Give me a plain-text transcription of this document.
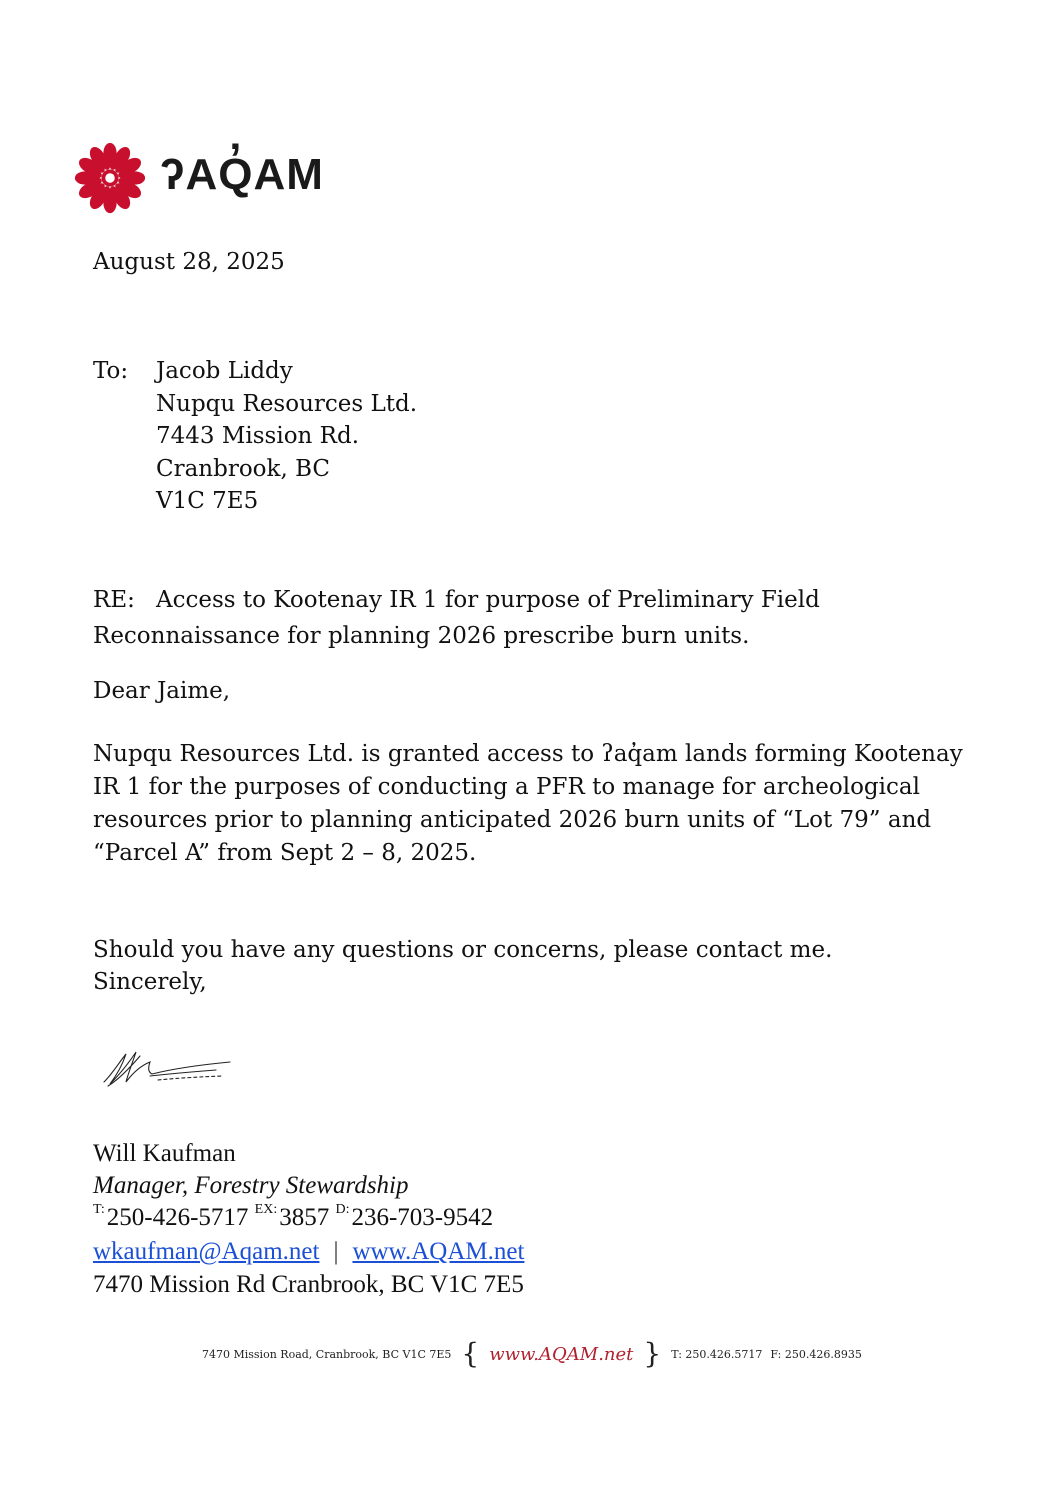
ʔAQ̓AM
August 28, 2025
To: Jacob Liddy
Nupqu Resources Ltd.
7443 Mission Rd.
Cranbrook, BC
V1C 7E5
RE: Access to Kootenay IR 1 for purpose of Preliminary Field
Reconnaissance for planning 2026 prescribe burn units.
Dear Jaime,
Nupqu Resources Ltd. is granted access to ʔaq̓am lands forming Kootenay
IR 1 for the purposes of conducting a PFR to manage for archeological
resources prior to planning anticipated 2026 burn units of “Lot 79” and
“Parcel A” from Sept 2 – 8, 2025.
Should you have any questions or concerns, please contact me.
Sincerely,
Will Kaufman
Manager, Forestry Stewardship
$^{T:}$250-426-5717 $^{EX:}$3857 $^{D:}$236-703-9542
wkaufman@Aqam.net | www.AQAM.net
7470 Mission Rd Cranbrook, BC V1C 7E5
7470 Mission Road, Cranbrook, BC V1C 7E5 { www.AQAM.net } T: 250.426.5717 F: 250.426.8935
